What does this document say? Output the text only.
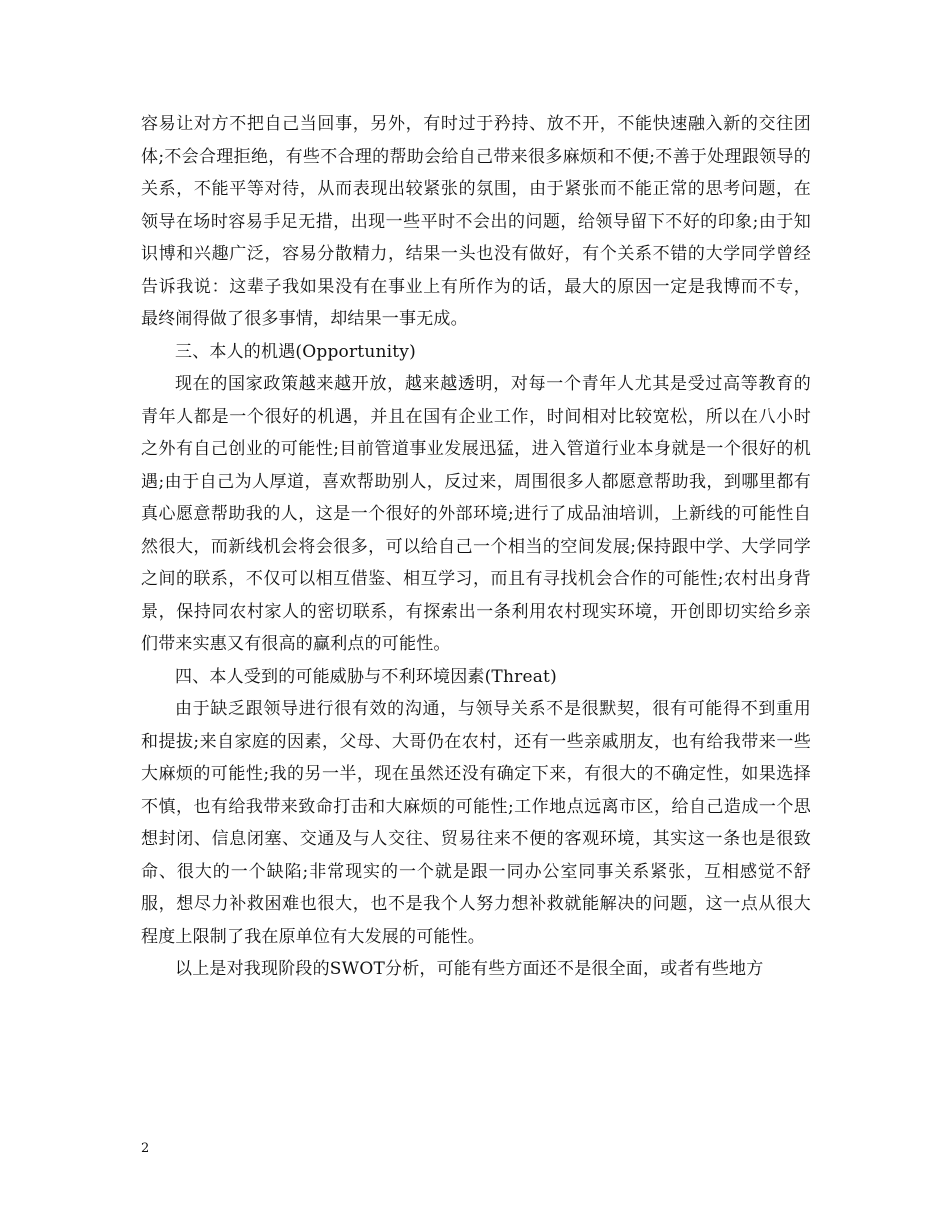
容易让对方不把自己当回事，另外，有时过于矜持、放不开，不能快速融入新的交往团体;不会合理拒绝，有些不合理的帮助会给自己带来很多麻烦和不便;不善于处理跟领导的关系，不能平等对待，从而表现出较紧张的氛围，由于紧张而不能正常的思考问题，在领导在场时容易手足无措，出现一些平时不会出的问题，给领导留下不好的印象;由于知识博和兴趣广泛，容易分散精力，结果一头也没有做好，有个关系不错的大学同学曾经告诉我说：这辈子我如果没有在事业上有所作为的话，最大的原因一定是我博而不专，最终闹得做了很多事情，却结果一事无成。

三、本人的机遇(Opportunity)

现在的国家政策越来越开放，越来越透明，对每一个青年人尤其是受过高等教育的青年人都是一个很好的机遇，并且在国有企业工作，时间相对比较宽松，所以在八小时之外有自己创业的可能性;目前管道事业发展迅猛，进入管道行业本身就是一个很好的机遇;由于自己为人厚道，喜欢帮助别人，反过来，周围很多人都愿意帮助我，到哪里都有真心愿意帮助我的人，这是一个很好的外部环境;进行了成品油培训，上新线的可能性自然很大，而新线机会将会很多，可以给自己一个相当的空间发展;保持跟中学、大学同学之间的联系，不仅可以相互借鉴、相互学习，而且有寻找机会合作的可能性;农村出身背景，保持同农村家人的密切联系，有探索出一条利用农村现实环境，开创即切实给乡亲们带来实惠又有很高的赢利点的可能性。

四、本人受到的可能威胁与不利环境因素(Threat)

由于缺乏跟领导进行很有效的沟通，与领导关系不是很默契，很有可能得不到重用和提拔;来自家庭的因素，父母、大哥仍在农村，还有一些亲戚朋友，也有给我带来一些大麻烦的可能性;我的另一半，现在虽然还没有确定下来，有很大的不确定性，如果选择不慎，也有给我带来致命打击和大麻烦的可能性;工作地点远离市区，给自己造成一个思想封闭、信息闭塞、交通及与人交往、贸易往来不便的客观环境，其实这一条也是很致命、很大的一个缺陷;非常现实的一个就是跟一同办公室同事关系紧张，互相感觉不舒服，想尽力补救困难也很大，也不是我个人努力想补救就能解决的问题，这一点从很大程度上限制了我在原单位有大发展的可能性。

以上是对我现阶段的SWOT分析，可能有些方面还不是很全面，或者有些地方

2
